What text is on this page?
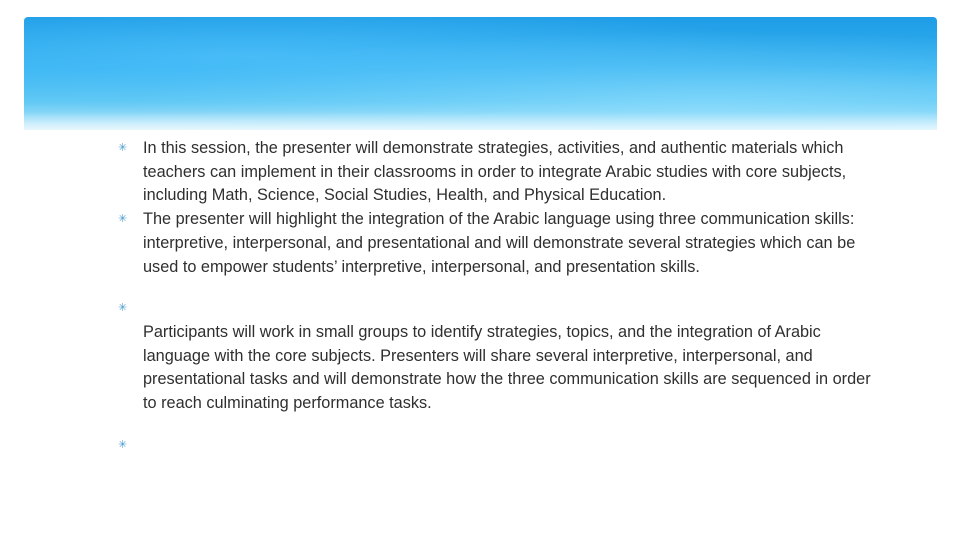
✳ In this session, the presenter will demonstrate strategies, activities, and authentic materials which teachers can implement in their classrooms in order to integrate Arabic studies with core subjects, including Math, Science, Social Studies, Health, and Physical Education.
✳ The presenter will highlight the integration of the Arabic language using three communication skills: interpretive, interpersonal, and presentational and will demonstrate several strategies which can be used to empower students’ interpretive, interpersonal, and presentation skills.
✳
Participants will work in small groups to identify strategies, topics, and the integration of Arabic language with the core subjects. Presenters will share several interpretive, interpersonal, and presentational tasks and will demonstrate how the three communication skills are sequenced in order to reach culminating performance tasks.
✳
